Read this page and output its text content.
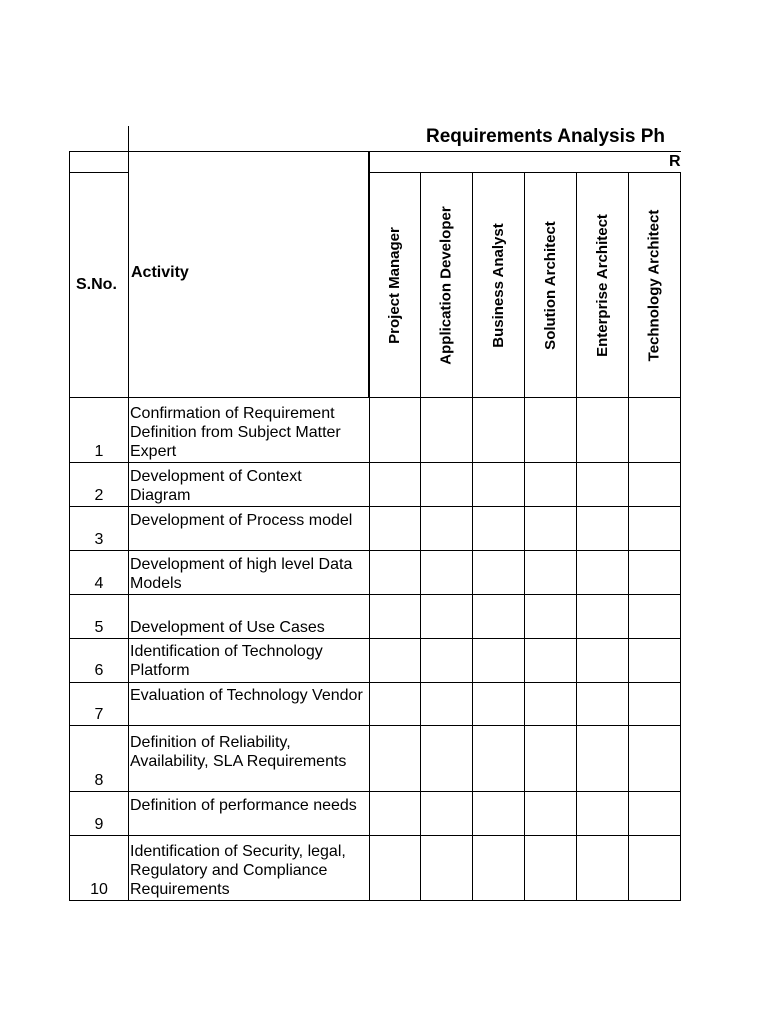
Requirements Analysis Ph
R
S.No.
Activity	Project Manager Application Developer Business Analyst Solution Architect Enterprise Architect Technology Architect
1
Confirmation of Requirement Definition from Subject Matter Expert
2
Development of Context Diagram
3
Development of Process model
4
Development of high level Data Models
5	Development of Use Cases
6
Identification of Technology Platform
7
Evaluation of Technology Vendor
8
Definition of Reliability, Availability, SLA Requirements
9
Definition of performance needs
10
Identification of Security, legal, Regulatory and Compliance Requirements
